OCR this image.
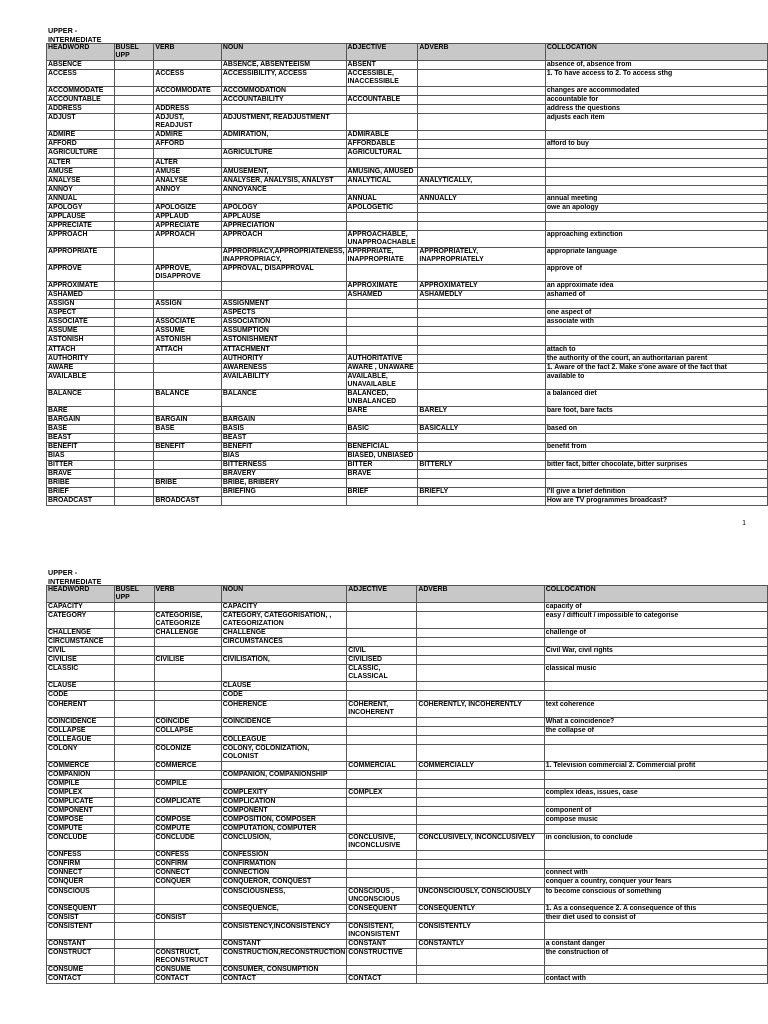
UPPER - INTERMEDIATE
HEADWORD	BUSEL UPP	VERB	NOUN	ADJECTIVE	ADVERB	COLLOCATION
ABSENCE			ABSENCE, ABSENTEEISM	ABSENT		absence of, absence from
ACCESS		ACCESS	ACCESSIBILITY, ACCESS	ACCESSIBLE, INACCESSIBLE		1. To have access to 2. To access sthg
ACCOMMODATE		ACCOMMODATE	ACCOMMODATION			changes are accommodated
ACCOUNTABLE			ACCOUNTABILITY	ACCOUNTABLE		accountable for
ADDRESS		ADDRESS				address the questions
ADJUST		ADJUST, READJUST	ADJUSTMENT, READJUSTMENT			adjusts each item
ADMIRE		ADMIRE	ADMIRATION,	ADMIRABLE		
AFFORD		AFFORD		AFFORDABLE		afford to buy
AGRICULTURE			AGRICULTURE	AGRICULTURAL		
ALTER		ALTER				
AMUSE		AMUSE	AMUSEMENT,	AMUSING, AMUSED		
ANALYSE		ANALYSE	ANALYSER, ANALYSIS, ANALYST	ANALYTICAL	ANALYTICALLY,	
ANNOY		ANNOY	ANNOYANCE			
ANNUAL				ANNUAL	ANNUALLY	annual meeting
APOLOGY		APOLOGIZE	APOLOGY	APOLOGETIC		owe an apology
APPLAUSE		APPLAUD	APPLAUSE			
APPRECIATE		APPRECIATE	APPRECIATION			
APPROACH		APPROACH	APPROACH	APPROACHABLE, UNAPPROACHABLE		approaching extinction
APPROPRIATE			APPROPRIACY,APPROPRIATENESS, INAPPROPRIACY,	APPRPRIATE, INAPPROPRIATE	APPROPRIATELY, INAPPROPRIATELY	appropriate language
APPROVE		APPROVE, DISAPPROVE	APPROVAL, DISAPPROVAL			approve of
APPROXIMATE				APPROXIMATE	APPROXIMATELY	an approximate idea
ASHAMED				ASHAMED	ASHAMEDLY	ashamed of
ASSIGN		ASSIGN	ASSIGNMENT			
ASPECT			ASPECTS			one aspect of
ASSOCIATE		ASSOCIATE	ASSOCIATION			associate with
ASSUME		ASSUME	ASSUMPTION			
ASTONISH		ASTONISH	ASTONISHMENT			
ATTACH		ATTACH	ATTACHMENT			attach to
AUTHORITY			AUTHORITY	AUTHORITATIVE		the authority of the court, an authoritarian parent
AWARE			AWARENESS	AWARE , UNAWARE		1. Aware of the fact 2. Make s'one aware of the fact that
AVAILABLE			AVAILABILITY	AVAILABLE, UNAVAILABLE		available to
BALANCE		BALANCE	BALANCE	BALANCED, UNBALANCED		a balanced diet
BARE				BARE	BARELY	bare foot, bare facts
BARGAIN		BARGAIN	BARGAIN			
BASE		BASE	BASIS	BASIC	BASICALLY	based on
BEAST			BEAST			
BENEFIT		BENEFIT	BENEFIT	BENEFICIAL		benefit from
BIAS			BIAS	BIASED, UNBIASED		
BITTER			BITTERNESS	BITTER	BITTERLY	bitter fact, bitter chocolate, bitter surprises
BRAVE			BRAVERY	BRAVE		
BRIBE		BRIBE	BRIBE, BRIBERY			
BRIEF			BRIEFING	BRIEF	BRIEFLY	I'll give a brief definition
BROADCAST		BROADCAST				How are TV programmes broadcast?
1
UPPER - INTERMEDIATE
HEADWORD	BUSEL UPP	VERB	NOUN	ADJECTIVE	ADVERB	COLLOCATION
CAPACITY			CAPACITY			capacity of
CATEGORY		CATEGORISE, CATEGORIZE	CATEGORY, CATEGORISATION, , CATEGORIZATION			easy / difficult / impossible to categorise
CHALLENGE		CHALLENGE	CHALLENGE			challenge of
CIRCUMSTANCE			CIRCUMSTANCES			
CIVIL				CIVIL		Civil War, civil rights
CIVILISE		CIVILISE	CIVILISATION,	CIVILISED		
CLASSIC				CLASSIC, CLASSICAL		classical music
CLAUSE			CLAUSE			
CODE			CODE			
COHERENT			COHERENCE	COHERENT, INCOHERENT	COHERENTLY, INCOHERENTLY	text coherence
COINCIDENCE		COINCIDE	COINCIDENCE			What a coincidence?
COLLAPSE		COLLAPSE				the collapse of
COLLEAGUE			COLLEAGUE			
COLONY		COLONIZE	COLONY, COLONIZATION, COLONIST			
COMMERCE		COMMERCE		COMMERCIAL	COMMERCIALLY	1. Television commercial 2. Commercial profit
COMPANION			COMPANION, COMPANIONSHIP			
COMPILE		COMPILE				
COMPLEX			COMPLEXITY	COMPLEX		complex ideas, issues, case
COMPLICATE		COMPLICATE	COMPLICATION			
COMPONENT			COMPONENT			component of
COMPOSE		COMPOSE	COMPOSITION, COMPOSER			compose music
COMPUTE		COMPUTE	COMPUTATION, COMPUTER			
CONCLUDE		CONCLUDE	CONCLUSION,	CONCLUSIVE, INCONCLUSIVE	CONCLUSIVELY, INCONCLUSIVELY	in conclusion, to conclude
CONFESS		CONFESS	CONFESSION			
CONFIRM		CONFIRM	CONFIRMATION			
CONNECT		CONNECT	CONNECTION			connect with
CONQUER		CONQUER	CONQUEROR, CONQUEST			conquer a country, conquer your fears
CONSCIOUS			CONSCIOUSNESS,	CONSCIOUS , UNCONSCIOUS	UNCONSCIOUSLY, CONSCIOUSLY	to become conscious of something
CONSEQUENT			CONSEQUENCE,	CONSEQUENT	CONSEQUENTLY	1. As a consequence 2. A consequence of this
CONSIST		CONSIST				their diet used to consist of
CONSISTENT			CONSISTENCY,INCONSISTENCY	CONSISTENT, INCONSISTENT	CONSISTENTLY	
CONSTANT			CONSTANT	CONSTANT	CONSTANTLY	a constant danger
CONSTRUCT		CONSTRUCT, RECONSTRUCT	CONSTRUCTION,RECONSTRUCTION	CONSTRUCTIVE		the construction of
CONSUME		CONSUME	CONSUMER, CONSUMPTION			
CONTACT		CONTACT	CONTACT	CONTACT		contact with
